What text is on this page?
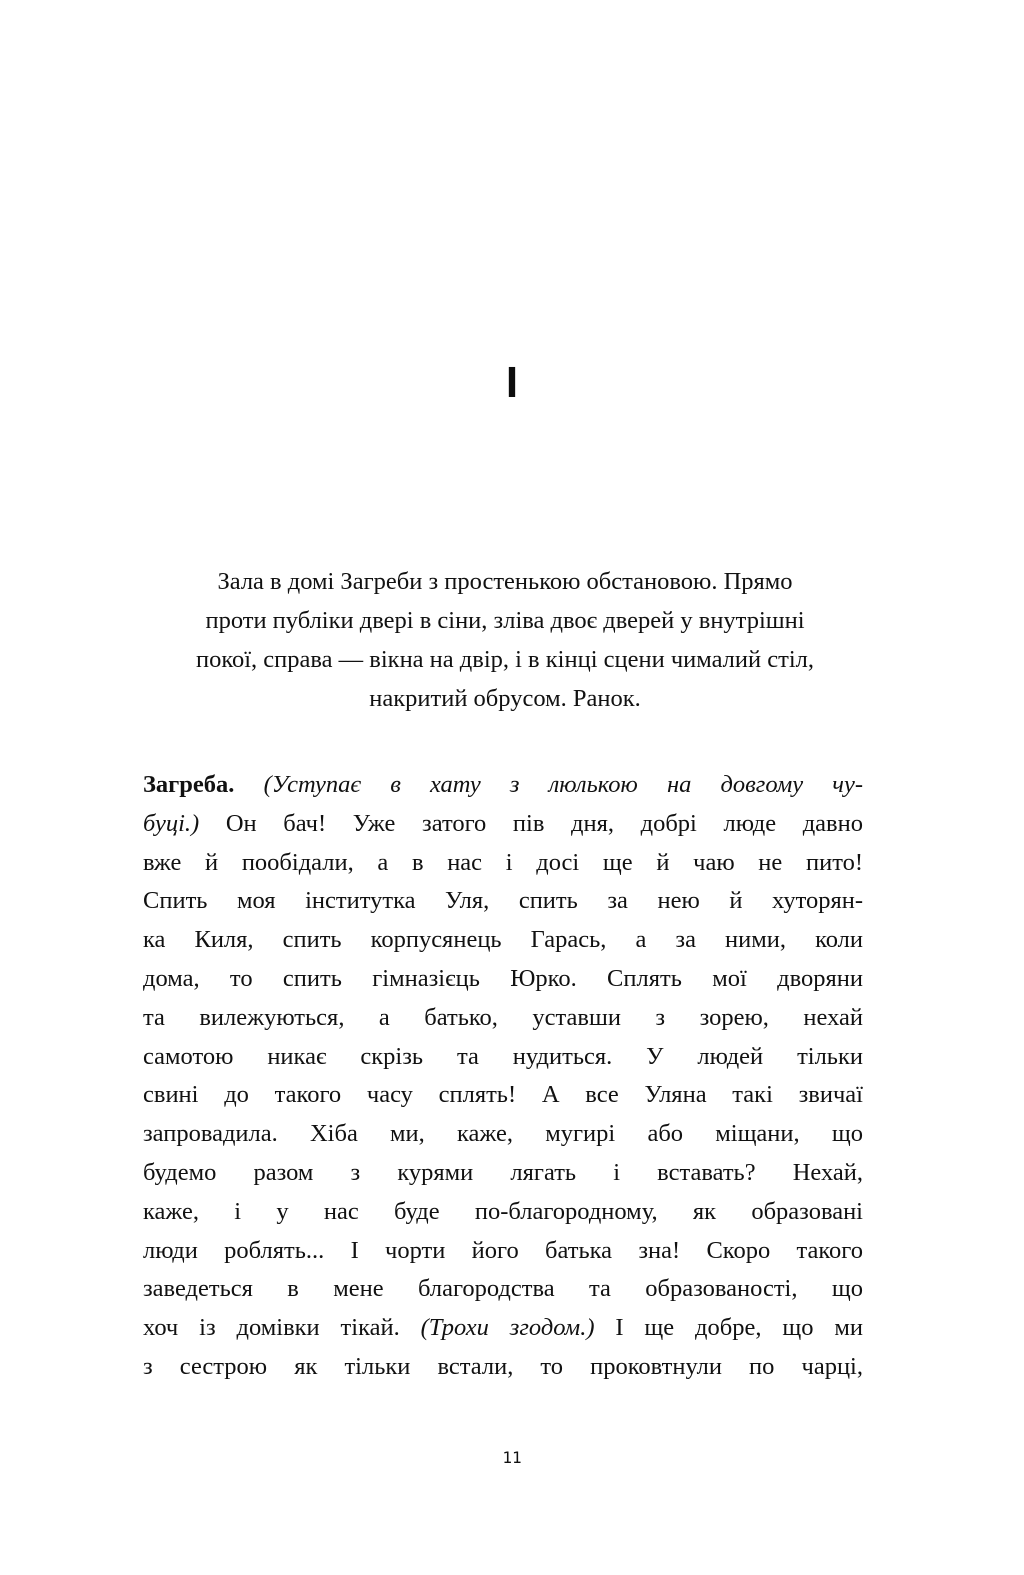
I
Зала в домі Загреби з простенькою обстановою. Прямо
проти публіки двері в сіни, зліва двоє дверей у внутрішні
покої, справа — вікна на двір, і в кінці сцени чималий стіл,
накритий обрусом. Ранок.
Загреба. (Уступає в хату з люлькою на довгому чу-
буці.) Он бач! Уже затого пів дня, добрі люде давно
вже й пообідали, а в нас і досі ще й чаю не пито!
Спить моя інститутка Уля, спить за нею й хуторян-
ка Киля, спить корпусянець Гарась, а за ними, коли
дома, то спить гімназієць Юрко. Сплять мої дворяни
та вилежуються, а батько, уставши з зорею, нехай
самотою никає скрізь та нудиться. У людей тільки
свині до такого часу сплять! А все Уляна такі звичаї
запровадила. Хіба ми, каже, мугирі або міщани, що
будемо разом з курями лягать і вставать? Нехай,
каже, і у нас буде по-благородному, як образовані
люди роблять... І чорти його батька зна! Скоро такого
заведеться в мене благородства та образованості, що
хоч із домівки тікай. (Трохи згодом.) І ще добре, що ми
з сестрою як тільки встали, то проковтнули по чарці,
11
